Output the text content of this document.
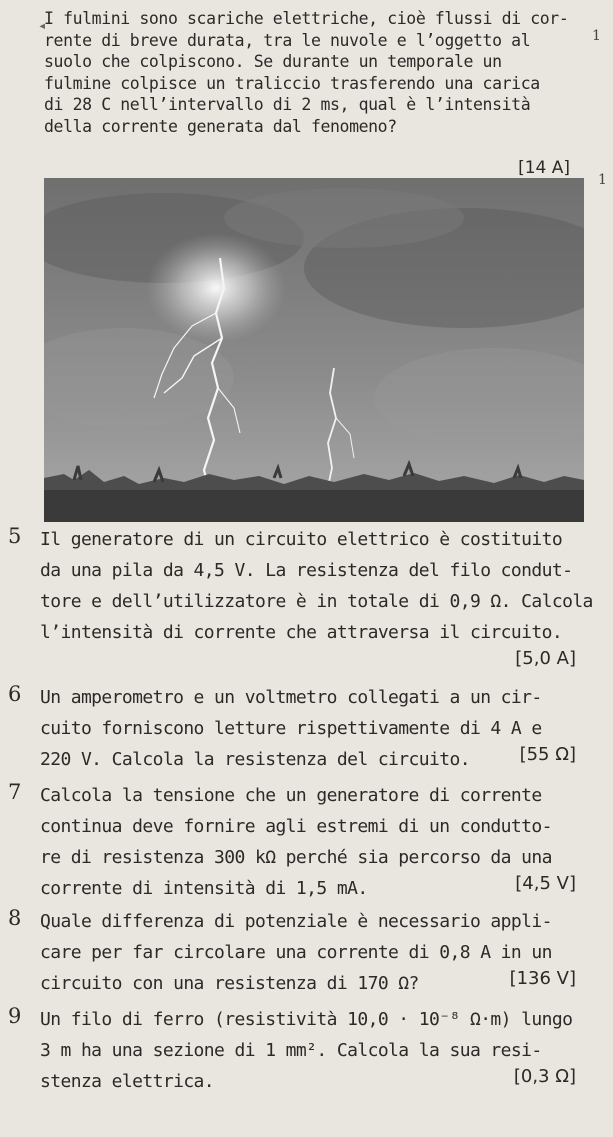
1
1
◂
I fulmini sono scariche elettriche, cioè flussi di cor-
rente di breve durata, tra le nuvole e l’oggetto al
suolo che colpiscono. Se durante un temporale un
fulmine colpisce un traliccio trasferendo una carica
di 28 C nell’intervallo di 2 ms, qual è l’intensità
della corrente generata dal fenomeno?
[14 A]
5 Il generatore di un circuito elettrico è costituito
da una pila da 4,5 V. La resistenza del filo condut-
tore e dell’utilizzatore è in totale di 0,9 Ω. Calcola
l’intensità di corrente che attraversa il circuito.
[5,0 A]
6 Un amperometro e un voltmetro collegati a un cir-
cuito forniscono letture rispettivamente di 4 A e
220 V. Calcola la resistenza del circuito.	[55 Ω]
7 Calcola la tensione che un generatore di corrente
continua deve fornire agli estremi di un condutto-
re di resistenza 300 kΩ perché sia percorso da una
corrente di intensità di 1,5 mA.	[4,5 V]
8 Quale differenza di potenziale è necessario appli-
care per far circolare una corrente di 0,8 A in un
circuito con una resistenza di 170 Ω?	[136 V]
9 Un filo di ferro (resistività 10,0 · 10⁻⁸ Ω·m) lungo
3 m ha una sezione di 1 mm². Calcola la sua resi-
stenza elettrica.	[0,3 Ω]
